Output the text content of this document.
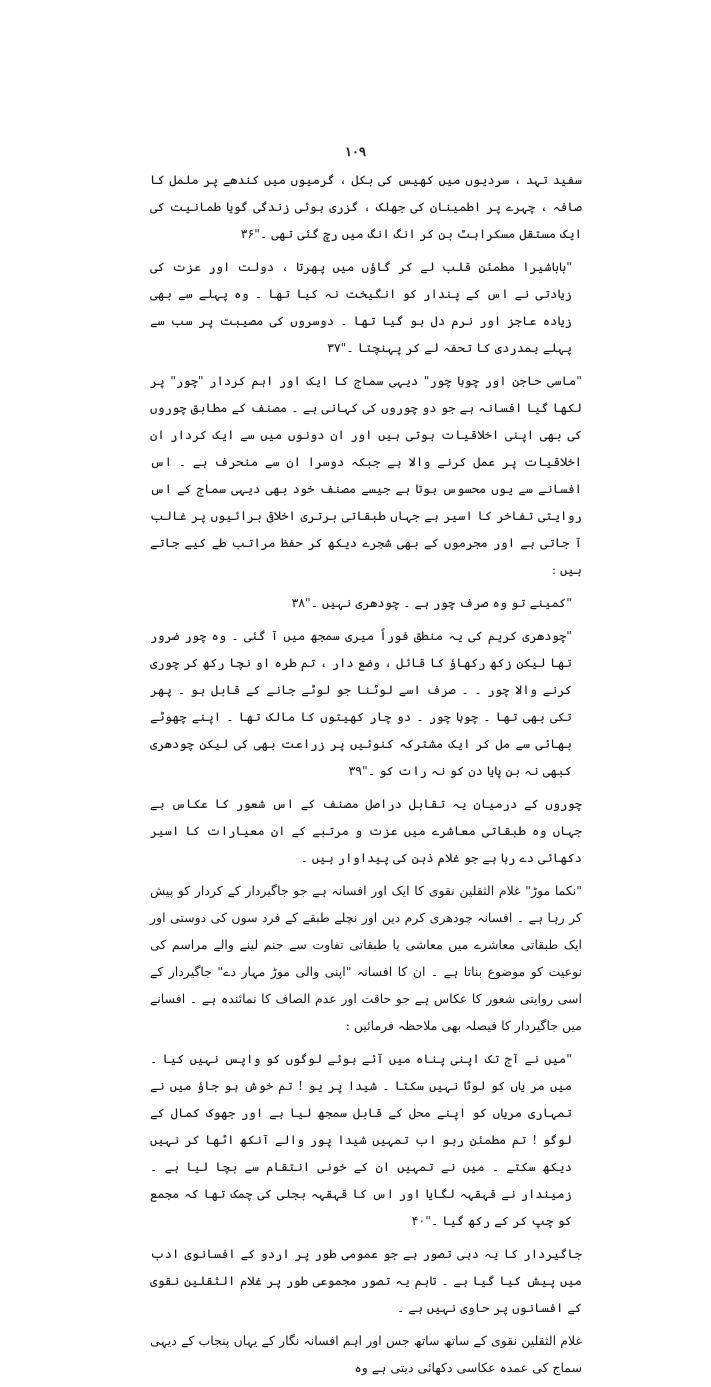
۱۰۹

سفید تہد ، سردیوں میں کھیس کی بکل ، گرمیوں میں کندھے پر ململ کا صافہ ، چہرے پر اطمینان کی جھلک ، گزری ہوئی زندگی گویا طمانیت کی ایک مستقل مسکراہٹ بن کر انگ انگ میں رچ گئی تھی ۔"۳۶

"باباشیرا مطمئن قلب لے کر گاؤں میں پھرتا ، دولت اور عزت کی زیادتی نے اس کے پندار کو انگیخت نہ کیا تھا ۔ وہ پہلے سے بھی زیادہ عاجز اور نرم دل ہو گیا تھا ۔ دوسروں کی مصیبت پر سب سے پہلے ہمدردی کا تحفہ لے کر پہنچتا ۔"۳۷

"ماسی حاجن اور چوہا چور" دیہی سماج کا ایک اور اہم کردار "چور" پر لکھا گیا افسانہ ہے جو دو چوروں کی کہانی ہے ۔ مصنف کے مطابق چوروں کی بھی اپنی اخلاقیات ہوتی ہیں اور ان دونوں میں سے ایک کردار ان اخلاقیات پر عمل کرنے والا ہے جبکہ دوسرا ان سے منحرف ہے ۔ اس افسانے سے یوں محسوس ہوتا ہے جیسے مصنف خود بھی دیہی سماج کے اس روایتی تفاخر کا اسیر ہے جہاں طبقاتی برتری اخلاقی برائیوں پر غالب آ جاتی ہے اور مجرموں کے بھی شجرے دیکھ کر حفظ مراتب طے کیے جاتے ہیں :

"کمینے تو وہ صرف چور ہے ۔ چودھری نہیں ۔"۳۸

"چودھری کریم کی یہ منطق فوراً میری سمجھ میں آ گئی ۔ وہ چور ضرور تھا لیکن زکھ رکھاؤ کا قائل ، وضع دار ، تم طرہ او نچا رکھ کر چوری کرنے والا چور ۔ ۔ صرف اسے لوٹنا جو لوٹے جانے کے قابل ہو ۔ پھر تکی بھی تھا ۔ چوہا چور ۔ دو چار کھیتوں کا مالک تھا ۔ اپنے چھوٹے بھائی سے مل کر ایک مشترکہ کنوئیں پر زراعت بھی کی لیکن چودھری کبھی نہ بن پایا دن کو نہ رات کو ۔"۳۹

چوروں کے درمیان یہ تقابل دراصل مصنف کے اس شعور کا عکاس ہے جہاں وہ طبقاتی معاشرے میں عزت و مرتبے کے ان معیارات کا اسیر دکھائی دے رہا ہے جو غلام ذہن کی پیداوار ہیں ۔

"نکما موڑ" غلام الثقلین نقوی کا ایک اور افسانہ ہے جو جاگیردار کے کردار کو پیش کر رہا ہے ۔ افسانہ چودھری کرم دین اور نچلے طبقے کے فرد سوں کی دوستی اور ایک طبقاتی معاشرے میں معاشی یا طبقاتی تفاوت سے جنم لینے والے مراسم کی نوعیت کو موضوع بناتا ہے ۔ ان کا افسانہ "اپنی والی موڑ مہار دے" جاگیردار کے اسی روایتی شعور کا عکاس ہے جو حاقت اور عدم الصاف کا نمائندہ ہے ۔ افسانے میں جاگیردار کا فیصلہ بھی ملاحظہ فرمائیں :

"میں نے آج تک اپنی پناہ میں آئے ہوئے لوگوں کو واپس نہیں کیا ۔ میں مر یاں کو لوٹا نہیں سکتا ۔ شیدا پر یو ! تم خوش ہو جاؤ میں نے تمہاری مریاں کو اپنے محل کے قابل سمجھ لیا ہے اور جھوک کمال کے لوگو ! تم مطمئن رہو اب تمہیں شیدا پور والے آنکھ اٹھا کر نہیں دیکھ سکتے ۔ میں نے تمہیں ان کے خونی انتقام سے بچا لیا ہے ۔ زمیندار نے قہقہہ لگایا اور اس کا قہقہہ بجلی کی چمک تھا کہ مجمع کو چپ کر کے رکھ گیا ۔"۴۰

جاگیردار کا یہ دہی تصور ہے جو عمومی طور پر اردو کے افسانوی ادب میں پیش کیا گیا ہے ۔ تاہم یہ تصور مجموعی طور پر غلام الثقلین نقوی کے افسانوں پر حاوی نہیں ہے ۔

غلام الثقلین نقوی کے ساتھ ساتھ جس اور اہم افسانہ نگار کے یہاں پنجاب کے دیہی سماج کی عمدہ عکاسی دکھائی دیتی ہے وہ
